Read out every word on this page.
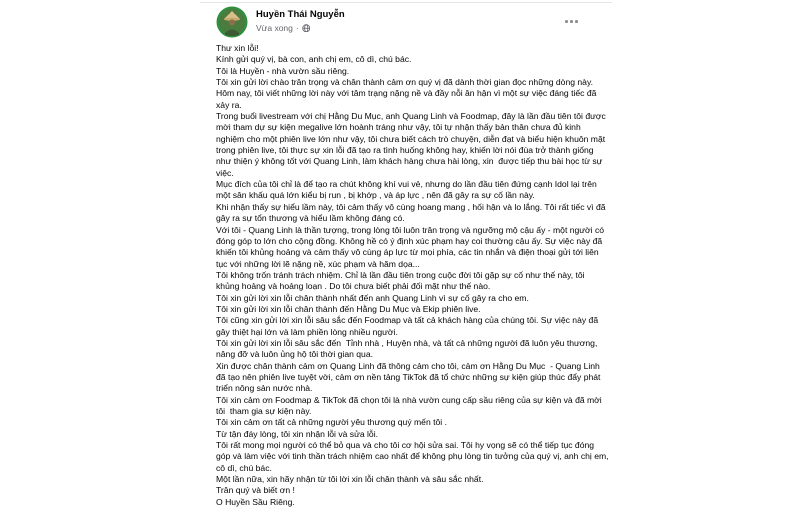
Huyền Thái Nguyễn
Vừa xong ·
Thư xin lỗi!
Kính gửi quý vị, bà con, anh chị em, cô dì, chú bác.
Tôi là Huyền - nhà vườn sầu riêng.
Tôi xin gửi lời chào trân trọng và chân thành cảm ơn quý vị đã dành thời gian đọc những dòng này. Hôm nay, tôi viết những lời này với tâm trạng nặng nề và đầy nỗi ân hận vì một sự việc đáng tiếc đã xảy ra.
Trong buổi livestream với chị Hằng Du Mục, anh Quang Linh và Foodmap, đây là lần đầu tiên tôi được mời tham dự sự kiện megalive lớn hoành tráng như vậy, tôi tự nhận thấy bản thân chưa đủ kinh nghiệm cho một phiên live lớn như vậy, tôi chưa biết cách trò chuyện, diễn đạt và biểu hiện khuôn mặt trong phiên live, tôi thực sự xin lỗi đã tạo ra tình huống không hay, khiến lời nói đùa trở thành giống như thiện ý không tốt với Quang Linh, làm khách hàng chưa hài lòng, xin  được tiếp thu bài học từ sự việc.
Mục đích của tôi chỉ là để tạo ra chút không khí vui vẻ, nhưng do lần đầu tiên đứng cạnh Idol lại trên một sân khấu quá lớn kiểu bị run , bị khớp , và áp lực , nên đã gây ra sự cố lần này.
Khi nhận thấy sự hiểu lầm này, tôi cảm thấy vô cùng hoang mang , hối hận và lo lắng. Tôi rất tiếc vì đã gây ra sự tổn thương và hiểu lầm không đáng có.
Với tôi - Quang Linh là thần tượng, trong lòng tôi luôn trân trọng và ngưỡng mộ cậu ấy - một người có đóng góp to lớn cho cộng đồng. Không hề có ý định xúc phạm hay coi thường cậu ấy. Sự việc này đã khiến tôi khủng hoảng và cảm thấy vô cùng áp lực từ mọi phía, các tin nhắn và điện thoại gửi tới liên tục với những lời lẽ nặng nề, xúc phạm và hăm dọa...
Tôi không trốn tránh trách nhiệm. Chỉ là lần đầu tiên trong cuộc đời tôi gặp sự cố như thế này, tôi khủng hoảng và hoảng loạn . Do tôi chưa biết phải đối mặt như thế nào.
Tôi xin gửi lời xin lỗi chân thành nhất đến anh Quang Linh vì sự cố gây ra cho em.
Tôi xin gửi lời xin lỗi chân thành đến Hằng Du Mục và Ekip phiên live.
Tôi cũng xin gửi lời xin lỗi sâu sắc đến Foodmap và tất cả khách hàng của chúng tôi. Sự việc này đã gây thiệt hại lớn và làm phiền lòng nhiều người.
Tôi xin gửi lời xin lỗi sâu sắc đến  Tỉnh nhà , Huyện nhà, và tất cả những người đã luôn yêu thương, nâng đỡ và luôn ủng hộ tôi thời gian qua.
Xin được chân thành cảm ơn Quang Linh đã thông cảm cho tôi, cảm ơn Hằng Du Mục  - Quang Linh đã tạo nên phiên live tuyệt vời, cảm ơn nền tảng TikTok đã tổ chức những sự kiện giúp thúc đẩy phát triển nông sản nước nhà.
Tôi xin cảm ơn Foodmap & TikTok đã chọn tôi là nhà vườn cung cấp sầu riêng của sự kiện và đã mời tôi  tham gia sự kiện này.
Tôi xin cảm ơn tất cả những người yêu thương quý mến tôi .
Từ tận đáy lòng, tôi xin nhận lỗi và sửa lỗi.
Tôi rất mong mọi người có thể bỏ qua và cho tôi cơ hội sửa sai. Tôi hy vọng sẽ có thể tiếp tục đóng góp và làm việc với tinh thần trách nhiệm cao nhất để không phụ lòng tin tưởng của quý vị, anh chị em, cô dì, chú bác.
Một lần nữa, xin hãy nhận từ tôi lời xin lỗi chân thành và sâu sắc nhất.
Trân quý và biết ơn !
O Huyền Sầu Riêng.
